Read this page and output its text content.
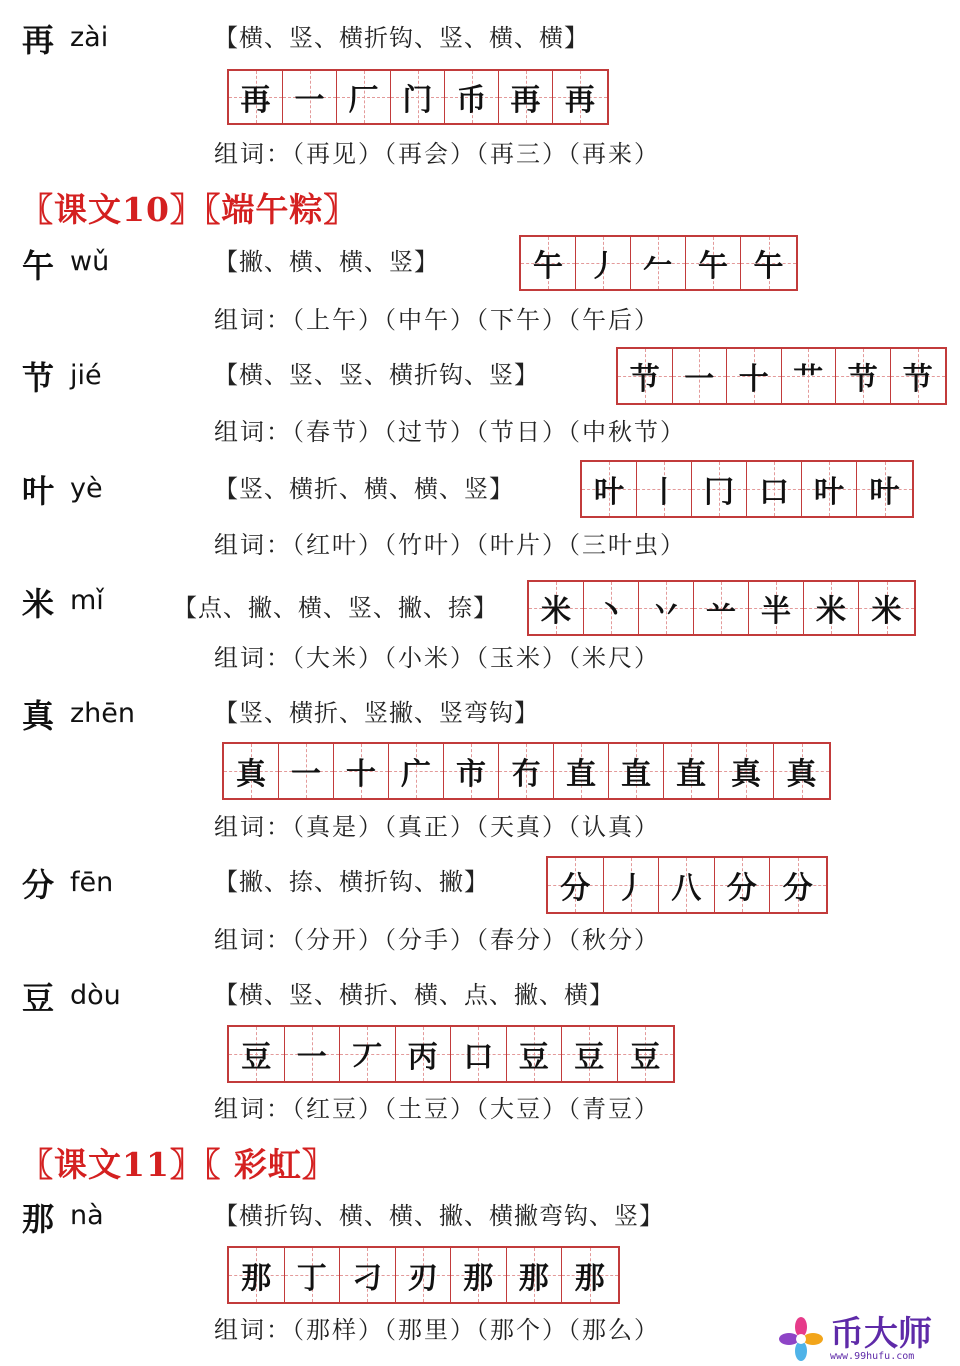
再 zài	【横、竖、横折钩、竖、横、横】
再 一 厂 门 币 再 再
组词：（再见）（再会）（再三）（再来）
〖课文10〗〖端午粽〗
午 wǔ	【撇、横、横、竖】	午 丿 𠂉 午 午
组词：（上午）（中午）（下午）（午后）
节 jié	【横、竖、竖、横折钩、竖】	节 一 十 艹 节 节
组词：（春节）（过节）（节日）（中秋节）
叶 yè	【竖、横折、横、横、竖】	叶 丨 冂 口 叶 叶
组词：（红叶）（竹叶）（叶片）（三叶虫）
米 mǐ	【点、撇、横、竖、撇、捺】 米 丶 丷 䒑 半 米 米
组词：（大米）（小米）（玉米）（米尺）
真 zhēn	【竖、横折、竖撇、竖弯钩】
真 一 十 广 市 冇 直 直 直 真 真
组词：（真是）（真正）（天真）（认真）
分 fēn	【撇、捺、横折钩、撇】 分 丿 八 分 分
组词：（分开）（分手）（春分）（秋分）
豆 dòu	【横、竖、横折、横、点、撇、横】
豆 一 丆 丙 口 豆 豆 豆
组词：（红豆）（土豆）（大豆）（青豆）
〖课文11〗〖 彩虹〗
那 nà	【横折钩、横、横、撇、横撇弯钩、竖】
那 丁 刁 刃 那 那 那
组词：（那样）（那里）（那个）（那么）	币大师
www.99hufu.com
